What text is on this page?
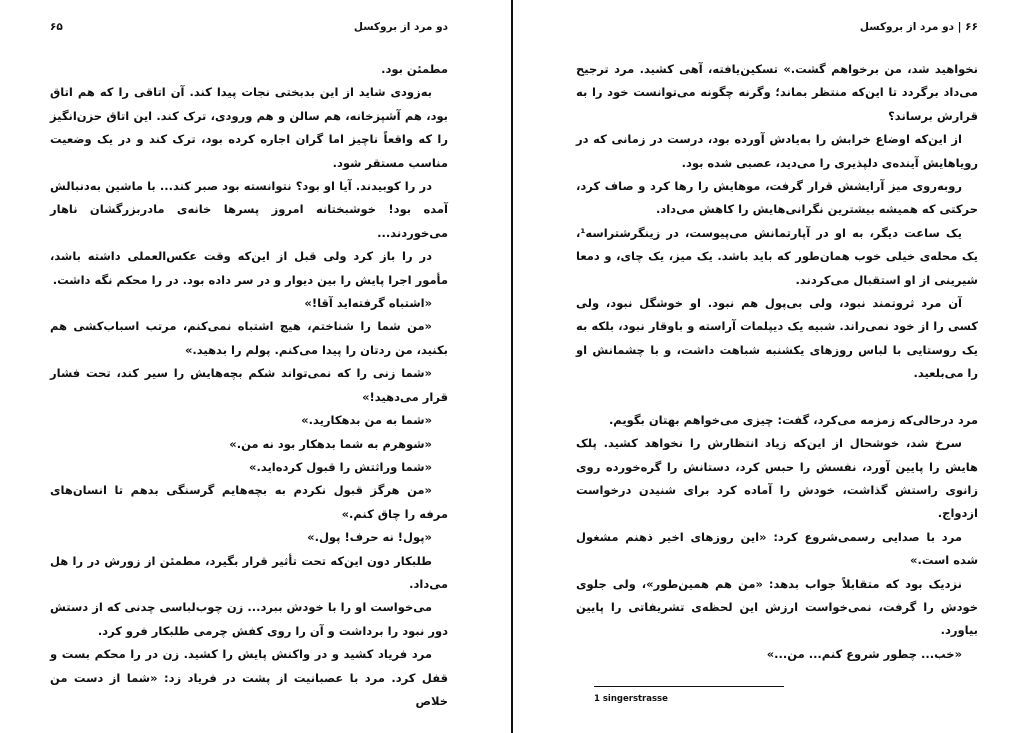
دو مرد از بروکسل
۶۵

مطمئن بود.

به‌زودی شاید از این بدبختی نجات پیدا کند. آن اتاقی را که هم اتاق بود، هم آشپزخانه، هم سالن و هم ورودی، ترک کند. این اتاق حزن‌انگیز را که واقعاً ناچیز اما گران اجاره کرده بود، ترک کند و در یک وضعیت مناسب مستقر شود.

در را کوبیدند. آیا او بود؟ نتوانسته بود صبر کند... با ماشین به‌دنبالش آمده بود! خوشبختانه امروز پسرها خانه‌ی مادربزرگشان ناهار می‌خوردند...

در را باز کرد ولی قبل از این‌که وقت عکس‌العملی داشته باشد، مأمور اجرا پایش را بین دیوار و در سر داده بود. در را محکم نگه داشت.

«اشتباه گرفته‌اید آقا!»

«من شما را شناختم، هیچ اشتباه نمی‌کنم، مرتب اسباب‌کشی هم بکنید، من ردتان را پیدا می‌کنم. پولم را بدهید.»

«شما زنی را که نمی‌تواند شکم بچه‌هایش را سیر کند، تحت فشار قرار می‌دهید!»

«شما به من بدهکارید.»

«شوهرم به شما بدهکار بود نه من.»

«شما وراثتش را قبول کرده‌اید.»

«من هرگز قبول نکردم به بچه‌هایم گرسنگی بدهم تا انسان‌های مرفه را چاق کنم.»

«پول! نه حرف! پول.»

طلبکار دون این‌که تحت تأثیر قرار بگیرد، مطمئن از زورش در را هل می‌داد.

می‌خواست او را با خودش ببرد... زن چوب‌لباسی چدنی که از دستش دور نبود را برداشت و آن را روی کفش چرمی طلبکار فرو کرد.

مرد فریاد کشید و در واکنش پایش را کشید. زن در را محکم بست و قفل کرد. مرد با عصبانیت از پشت در فریاد زد: «شما از دست من خلاص

۶۶
|
دو مرد از بروکسل

نخواهید شد، من برخواهم گشت.» تسکین‌یافته، آهی کشید. مرد ترجیح می‌داد برگردد تا این‌که منتظر بماند؛ وگرنه چگونه می‌توانست خود را به قرارش برساند؟

از این‌که اوضاع خرابش را به‌یادش آورده بود، درست در زمانی که در رویاهایش آینده‌ی دلپذیری را می‌دید، عصبی شده بود.

روبه‌روی میز آرایشش قرار گرفت، موهایش را رها کرد و صاف کرد، حرکتی که همیشه بیشترین نگرانی‌هایش را کاهش می‌داد.

یک ساعت دیگر، به او در آپارتمانش می‌پیوست، در زینگرشتراسه¹، یک محله‌ی خیلی خوب همان‌طور که باید باشد. یک میز، یک چای، و دمعا شیرینی از او استقبال می‌کردند.

آن مرد ثروتمند نبود، ولی بی‌پول هم نبود. او خوشگل نبود، ولی کسی را از خود نمی‌راند. شبیه یک دیپلمات آراسته و باوقار نبود، بلکه به یک روستایی با لباس روزهای یکشنبه شباهت داشت، و با چشمانش او را می‌بلعید.

مرد درحالی‌که زمزمه می‌کرد، گفت: چیزی می‌خواهم بهتان بگویم.

سرخ شد، خوشحال از این‌که زیاد انتظارش را نخواهد کشید. پلک هایش را پایین آورد، نفسش را حبس کرد، دستانش را گره‌خورده روی زانوی راستش گذاشت، خودش را آماده کرد برای شنیدن درخواست ازدواج.

مرد با صدایی رسمی‌شروع کرد: «این روزهای اخیر ذهنم مشغول شده است.»

نزدیک بود که متقابلاً جواب بدهد: «من هم همین‌طور»، ولی جلوی خودش را گرفت، نمی‌خواست ارزش این لحظه‌ی تشریفاتی را پایین بیاورد.

«خب... چطور شروع کنم... من...»

1 singerstrasse
